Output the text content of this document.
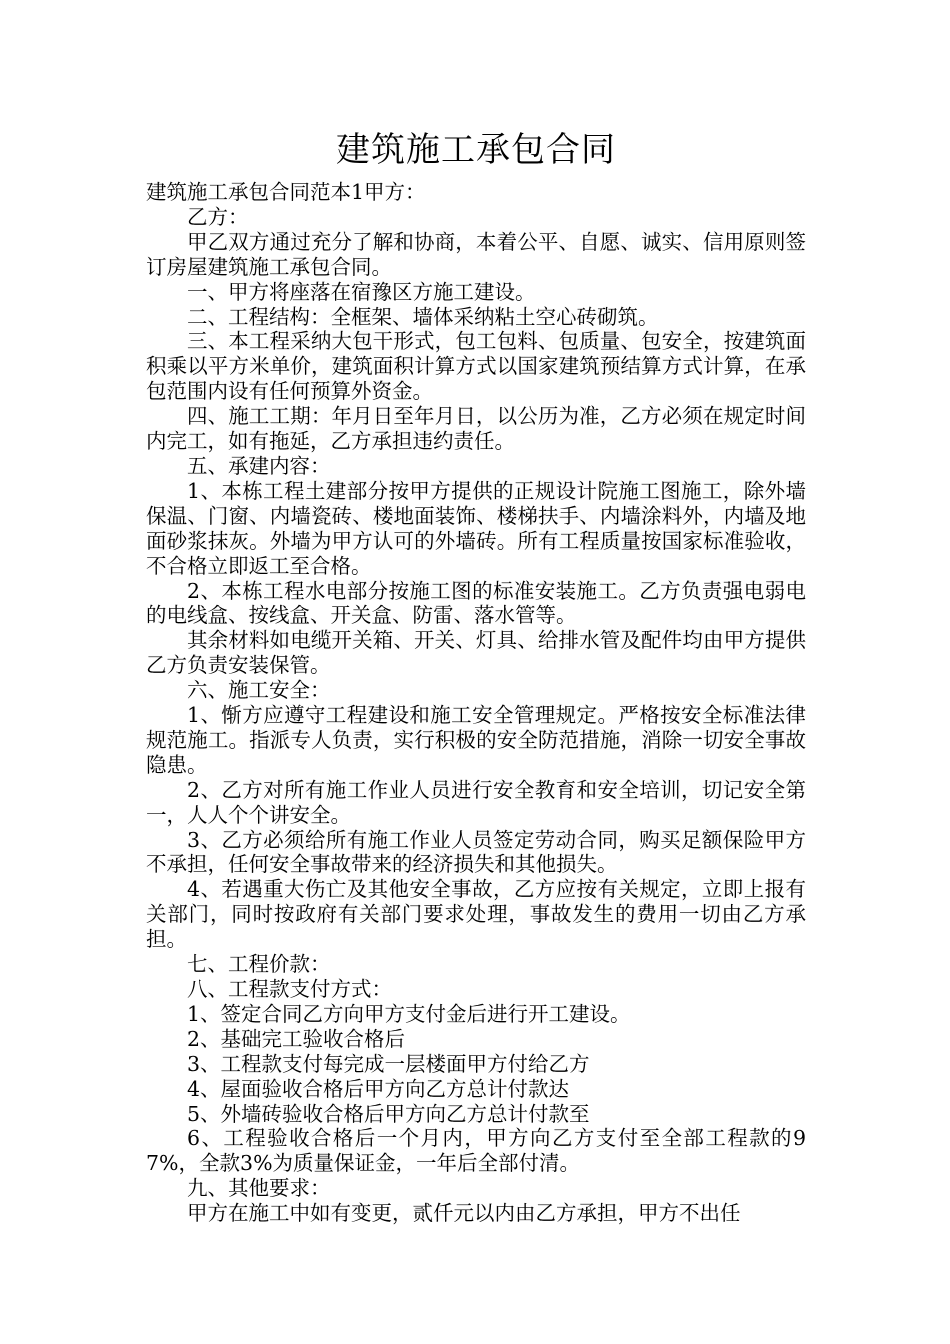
建筑施工承包合同

建筑施工承包合同范本1甲方：

乙方：

甲乙双方通过充分了解和协商，本着公平、自愿、诚实、信用原则签订房屋建筑施工承包合同。

一、甲方将座落在宿豫区方施工建设。

二、工程结构：全框架、墙体采纳粘土空心砖砌筑。

三、本工程采纳大包干形式，包工包料、包质量、包安全，按建筑面积乘以平方米单价，建筑面积计算方式以国家建筑预结算方式计算，在承包范围内设有任何预算外资金。

四、施工工期：年月日至年月日，以公历为准，乙方必须在规定时间内完工，如有拖延，乙方承担违约责任。

五、承建内容：

1、本栋工程土建部分按甲方提供的正规设计院施工图施工，除外墙保温、门窗、内墙瓷砖、楼地面装饰、楼梯扶手、内墙涂料外，内墙及地面砂浆抹灰。外墙为甲方认可的外墙砖。所有工程质量按国家标准验收，不合格立即返工至合格。

2、本栋工程水电部分按施工图的标准安装施工。乙方负责强电弱电的电线盒、按线盒、开关盒、防雷、落水管等。

其余材料如电缆开关箱、开关、灯具、给排水管及配件均由甲方提供乙方负责安装保管。

六、施工安全：

1、惭方应遵守工程建设和施工安全管理规定。严格按安全标准法律规范施工。指派专人负责，实行积极的安全防范措施，消除一切安全事故隐患。

2、乙方对所有施工作业人员进行安全教育和安全培训，切记安全第一，人人个个讲安全。

3、乙方必须给所有施工作业人员签定劳动合同，购买足额保险甲方不承担，任何安全事故带来的经济损失和其他损失。

4、若遇重大伤亡及其他安全事故，乙方应按有关规定，立即上报有关部门，同时按政府有关部门要求处理，事故发生的费用一切由乙方承担。

七、工程价款：

八、工程款支付方式：

1、签定合同乙方向甲方支付金后进行开工建设。

2、基础完工验收合格后

3、工程款支付每完成一层楼面甲方付给乙方

4、屋面验收合格后甲方向乙方总计付款达

5、外墙砖验收合格后甲方向乙方总计付款至

6、工程验收合格后一个月内，甲方向乙方支付至全部工程款的97%，全款3%为质量保证金，一年后全部付清。

九、其他要求：

甲方在施工中如有变更，贰仟元以内由乙方承担，甲方不出任
